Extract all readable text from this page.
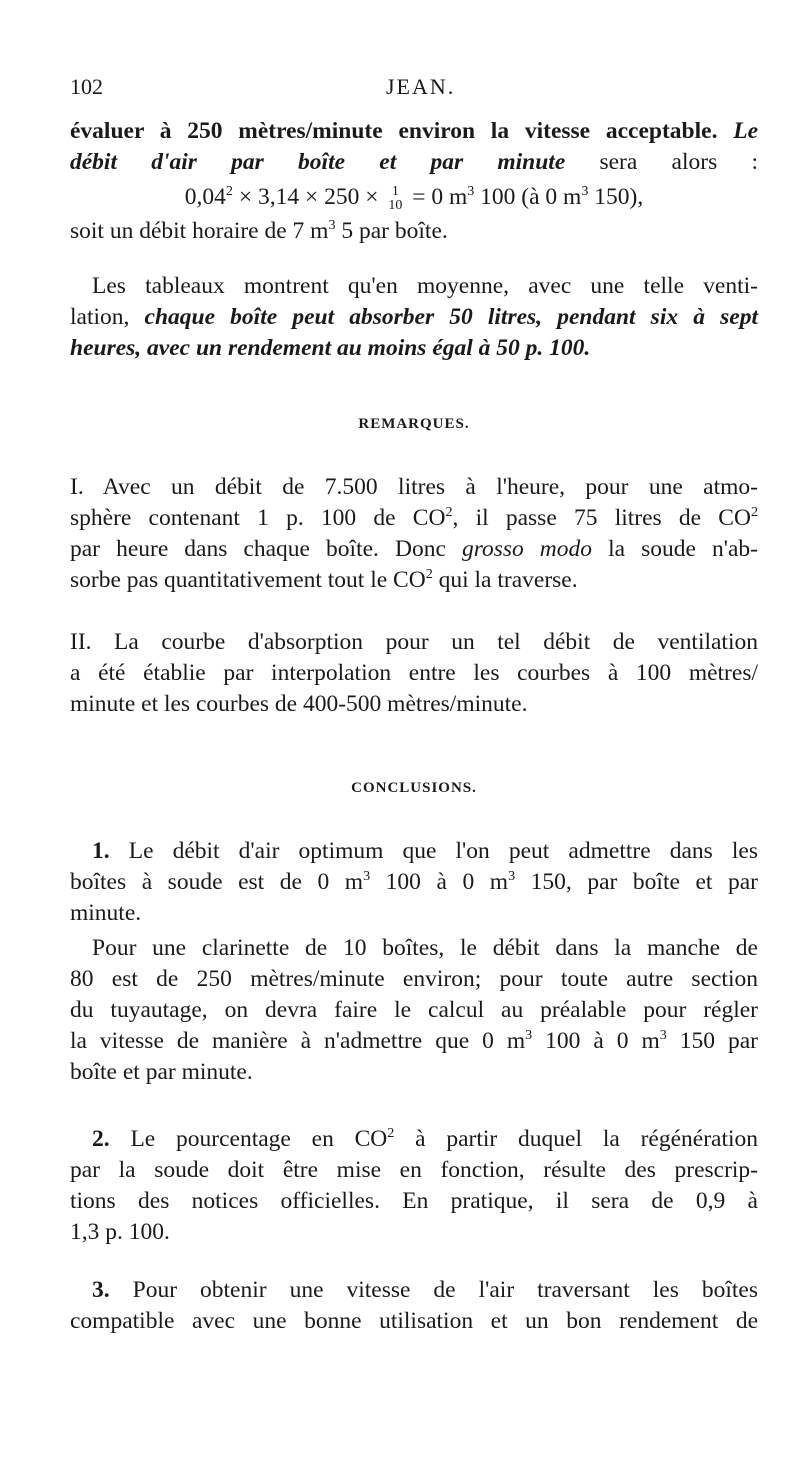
102	JEAN.
évaluer à 250 mètres/minute environ la vitesse acceptable. Le
débit d'air par boîte et par minute sera alors :
$0,04^2 \times 3,14 \times 250 \times 1$
10 = 0 $m^3$ 100 (à 0 $m^3$ 150),
soit un débit horaire de 7 $m^3$ 5 par boîte.
Les tableaux montrent qu'en moyenne, avec une telle venti-
lation, chaque boîte peut absorber 50 litres, pendant six à sept
heures, avec un rendement au moins égal à 50 p. 100.
REMARQUES.
I. Avec un débit de 7.500 litres à l'heure, pour une atmo-
sphère contenant 1 p. 100 de $CO^2$, il passe 75 litres de $CO^2$
par heure dans chaque boîte. Donc grosso modo la soude n'ab-
sorbe pas quantitativement tout le $CO^2$ qui la traverse.
II. La courbe d'absorption pour un tel débit de ventilation
a été établie par interpolation entre les courbes à 100 mètres/
minute et les courbes de 400-500 mètres/minute.
CONCLUSIONS.
1. Le débit d'air optimum que l'on peut admettre dans les
boîtes à soude est de 0 $m^3$ 100 à 0 $m^3$ 150, par boîte et par
minute.
Pour une clarinette de 10 boîtes, le débit dans la manche de
80 est de 250 mètres/minute environ; pour toute autre section
du tuyautage, on devra faire le calcul au préalable pour régler
la vitesse de manière à n'admettre que 0 $m^3$ 100 à 0 $m^3$ 150 par
boîte et par minute.
2. Le pourcentage en $CO^2$ à partir duquel la régénération
par la soude doit être mise en fonction, résulte des prescrip-
tions des notices officielles. En pratique, il sera de 0,9 à
1,3 p. 100.
3. Pour obtenir une vitesse de l'air traversant les boîtes
compatible avec une bonne utilisation et un bon rendement de
